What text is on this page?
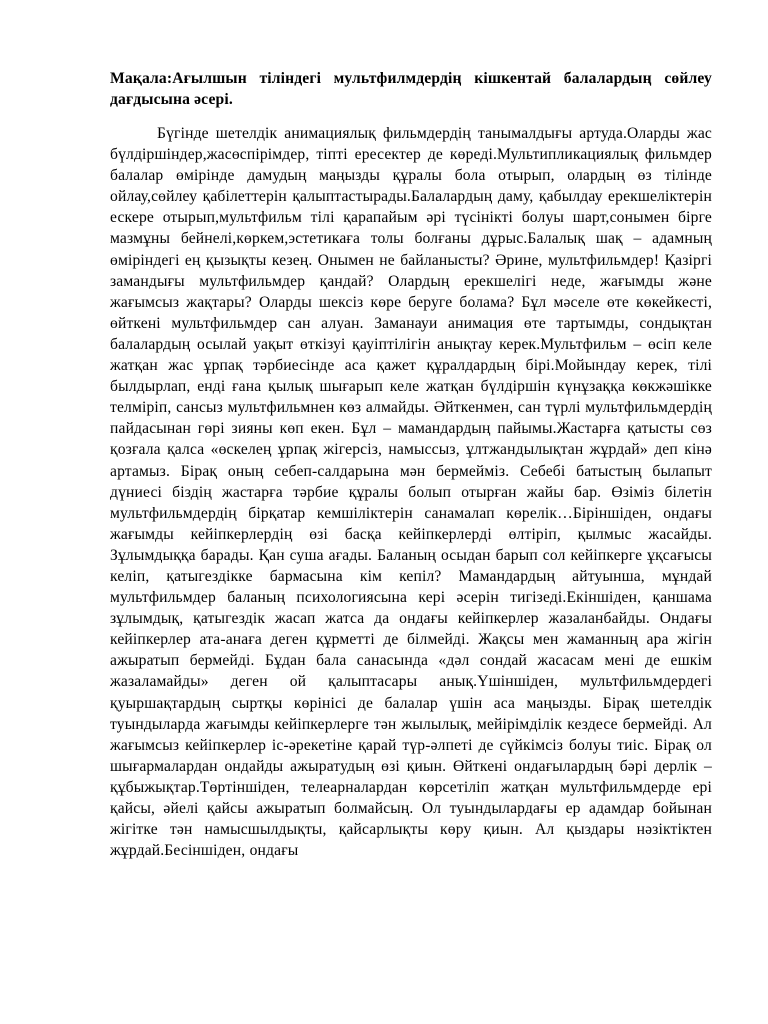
Мақала:Ағылшын тіліндегі мультфилмдердің кішкентай балалардың сөйлеу дағдысына әсері.

Бүгінде шетелдік анимациялық фильмдердің танымалдығы артуда.Оларды жас бүлдіршіндер,жасөспірімдер, тіпті ересектер де көреді.Мультипликациялық фильмдер балалар өмірінде дамудың маңызды құралы бола отырып, олардың өз тілінде ойлау,сөйлеу қабілеттерін қалыптастырады.Балалардың даму, қабылдау ерекшеліктерін ескере отырып,мультфильм тілі қарапайым әрі түсінікті болуы шарт,сонымен бірге мазмұны бейнелі,көркем,эстетикаға толы болғаны дұрыс.Балалық шақ – адамның өміріндегі ең қызықты кезең. Онымен не байланысты? Әрине, мультфильмдер! Қазіргі замандығы мультфильмдер қандай? Олардың ерекшелігі неде, жағымды және жағымсыз жақтары? Оларды шексіз көре беруге болама? Бұл мәселе өте көкейкесті, өйткені мультфильмдер сан алуан. Заманауи анимация өте тартымды, сондықтан балалардың осылай уақыт өткізуі қауіптілігін анықтау керек.Мультфильм – өсіп келе жатқан жас ұрпақ тәрбиесінде аса қажет құралдардың бірі.Мойындау керек, тілі былдырлап, енді ғана қылық шығарып келе жатқан бүлдіршін күнұзаққа көкжәшікке телміріп, сансыз мультфильмнен көз алмайды. Әйткенмен, сан түрлі мультфильмдердің пайдасынан гөрі зияны көп екен. Бұл – мамандардың пайымы.Жастарға қатысты сөз қозғала қалса «өскелең ұрпақ жігерсіз, намыссыз, ұлтжандылықтан жұрдай» деп кінә артамыз. Бірақ оның себеп-салдарына мән бермейміз. Себебі батыстың былапыт дүниесі біздің жастарға тәрбие құралы болып отырған жайы бар. Өзіміз білетін мультфильмдердің бірқатар кемшіліктерін санамалап көрелік…Біріншіден, ондағы жағымды кейіпкерлердің өзі басқа кейіпкерлерді өлтіріп, қылмыс жасайды. Зұлымдыққа барады. Қан суша ағады. Баланың осыдан барып сол кейіпкерге ұқсағысы келіп, қатыгездікке бармасына кім кепіл? Мамандардың айтуынша, мұндай мультфильмдер баланың психологиясына кері әсерін тигізеді.Екіншіден, қаншама зұлымдық, қатыгездік жасап жатса да ондағы кейіпкерлер жазаланбайды. Ондағы кейіпкерлер ата-анаға деген құрметті де білмейді. Жақсы мен жаманның ара жігін ажыратып бермейді. Бұдан бала санасында «дәл сондай жасасам мені де ешкім жазаламайды» деген ой қалыптасары анық.Үшіншіден, мультфильмдердегі қуыршақтардың сыртқы көрінісі де балалар үшін аса маңызды. Бірақ шетелдік туындыларда жағымды кейіпкерлерге тән жылылық, мейірімділік кездесе бермейді. Ал жағымсыз кейіпкерлер іс-әрекетіне қарай түр-әлпеті де сүйкімсіз болуы тиіс. Бірақ ол шығармалардан ондайды ажыратудың өзі қиын. Өйткені ондағылардың бәрі дерлік – құбыжықтар.Төртіншіден, телеарналардан көрсетіліп жатқан мультфильмдерде ері қайсы, әйелі қайсы ажыратып болмайсың. Ол туындылардағы ер адамдар бойынан жігітке тән намысшылдықты, қайсарлықты көру қиын. Ал қыздары нәзіктіктен жұрдай.Бесіншіден, ондағы
